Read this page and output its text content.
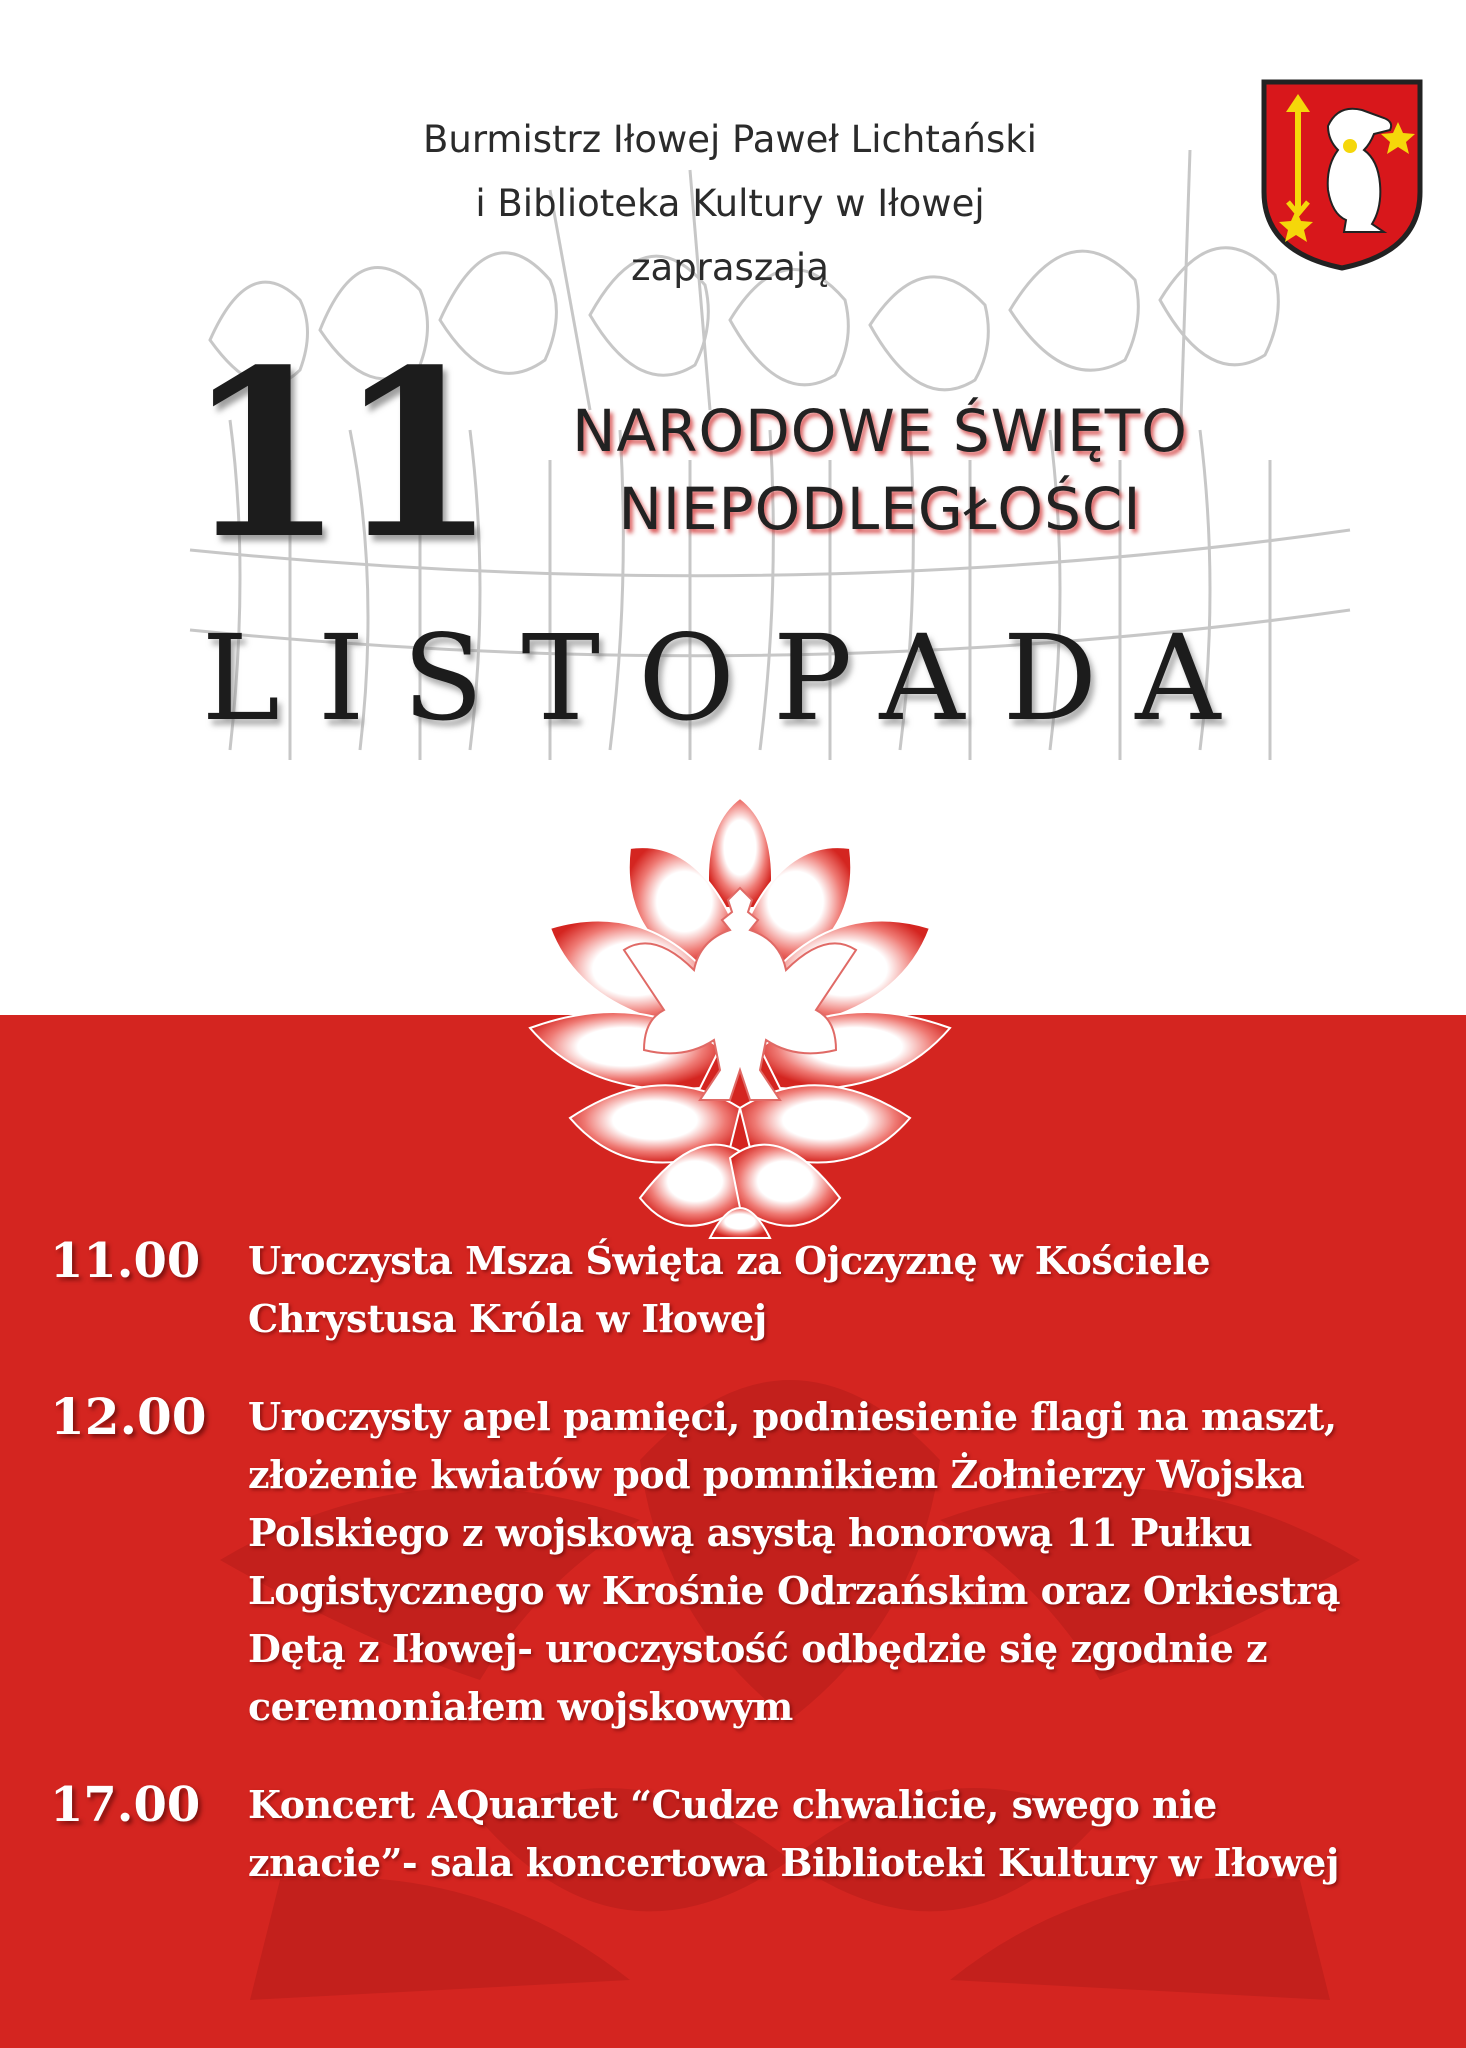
Burmistrz Iłowej Paweł Lichtański
i Biblioteka Kultury w Iłowej
zapraszają
11	NARODOWE ŚWIĘTO
NIEPODLEGŁOŚCI
LISTOPADA
11.00 Uroczysta Msza Święta za Ojczyznę w Kościele
Chrystusa Króla w Iłowej
12.00 Uroczysty apel pamięci, podniesienie flagi na maszt,
złożenie kwiatów pod pomnikiem Żołnierzy Wojska
Polskiego z wojskową asystą honorową 11 Pułku
Logistycznego w Krośnie Odrzańskim oraz Orkiestrą
Dętą z Iłowej- uroczystość odbędzie się zgodnie z
ceremoniałem wojskowym
17.00 Koncert AQuartet “Cudze chwalicie, swego nie
znacie”- sala koncertowa Biblioteki Kultury w Iłowej
